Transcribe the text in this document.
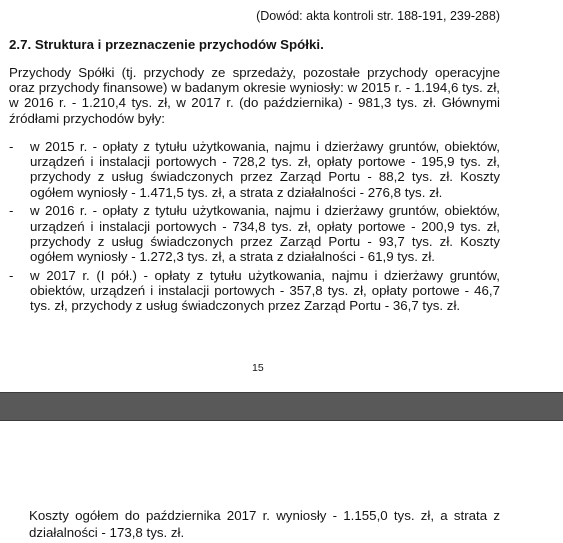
(Dowód: akta kontroli str. 188-191, 239-288)
2.7. Struktura i przeznaczenie przychodów Spółki.
Przychody Spółki (tj. przychody ze sprzedaży, pozostałe przychody operacyjne oraz przychody finansowe) w badanym okresie wyniosły: w 2015 r. - 1.194,6 tys. zł, w 2016 r. - 1.210,4 tys. zł, w 2017 r. (do października) - 981,3 tys. zł. Głównymi źródłami przychodów były:
- w 2015 r. - opłaty z tytułu użytkowania, najmu i dzierżawy gruntów, obiektów, urządzeń i instalacji portowych - 728,2 tys. zł, opłaty portowe - 195,9 tys. zł, przychody z usług świadczonych przez Zarząd Portu - 88,2 tys. zł. Koszty ogółem wyniosły - 1.471,5 tys. zł, a strata z działalności - 276,8 tys. zł.
- w 2016 r. - opłaty z tytułu użytkowania, najmu i dzierżawy gruntów, obiektów, urządzeń i instalacji portowych - 734,8 tys. zł, opłaty portowe - 200,9 tys. zł, przychody z usług świadczonych przez Zarząd Portu - 93,7 tys. zł. Koszty ogółem wyniosły - 1.272,3 tys. zł, a strata z działalności - 61,9 tys. zł.
- w 2017 r. (I pół.) - opłaty z tytułu użytkowania, najmu i dzierżawy gruntów, obiektów, urządzeń i instalacji portowych - 357,8 tys. zł, opłaty portowe - 46,7 tys. zł, przychody z usług świadczonych przez Zarząd Portu - 36,7 tys. zł.
15
Koszty ogółem do października 2017 r. wyniosły - 1.155,0 tys. zł, a strata z działalności - 173,8 tys. zł.
